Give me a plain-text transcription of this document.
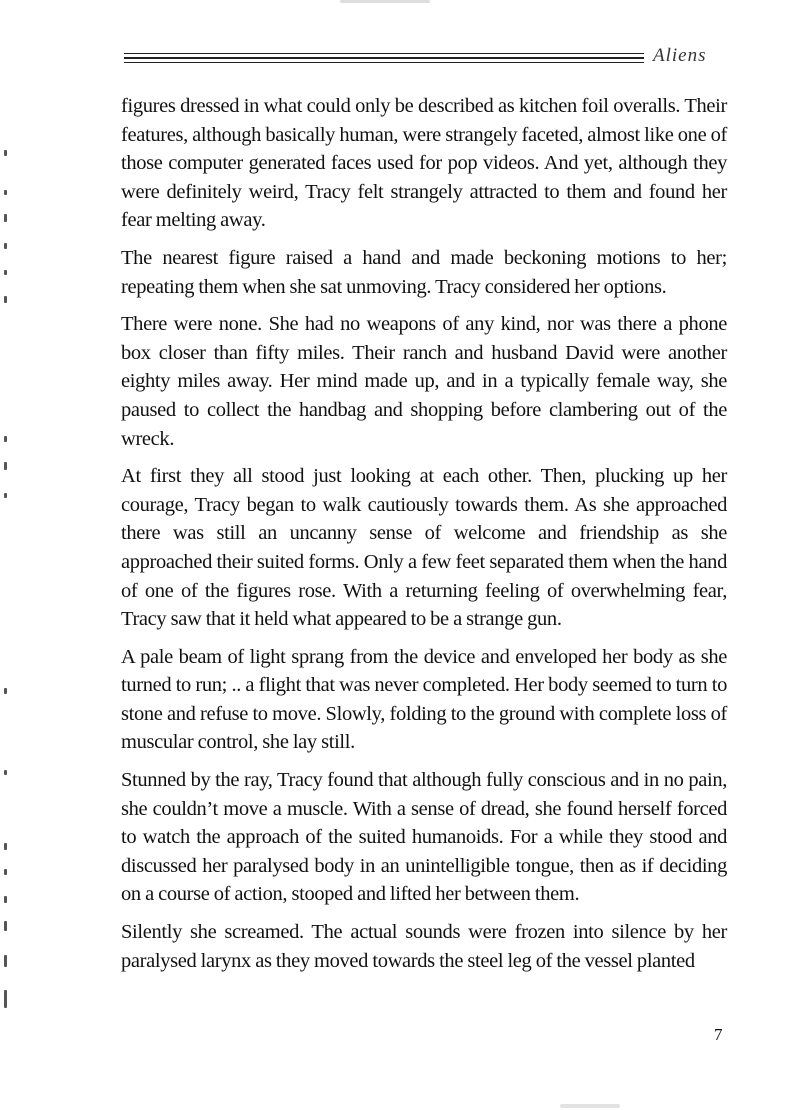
Aliens

figures dressed in what could only be described as kitchen foil overalls. Their features, although basically human, were strangely faceted, almost like one of those computer generated faces used for pop videos. And yet, although they were definitely weird, Tracy felt strangely attracted to them and found her fear melting away.

The nearest figure raised a hand and made beckoning motions to her; repeating them when she sat unmoving. Tracy considered her options.

There were none. She had no weapons of any kind, nor was there a phone box closer than fifty miles. Their ranch and husband David were another eighty miles away. Her mind made up, and in a typically female way, she paused to collect the handbag and shopping before clambering out of the wreck.

At first they all stood just looking at each other. Then, plucking up her courage, Tracy began to walk cautiously towards them. As she approached there was still an uncanny sense of welcome and friendship as she approached their suited forms. Only a few feet separated them when the hand of one of the figures rose. With a returning feeling of overwhelming fear, Tracy saw that it held what appeared to be a strange gun.

A pale beam of light sprang from the device and enveloped her body as she turned to run; .. a flight that was never completed. Her body seemed to turn to stone and refuse to move. Slowly, folding to the ground with complete loss of muscular control, she lay still.

Stunned by the ray, Tracy found that although fully conscious and in no pain, she couldn’t move a muscle. With a sense of dread, she found herself forced to watch the approach of the suited humanoids. For a while they stood and discussed her paralysed body in an unintelligible tongue, then as if deciding on a course of action, stooped and lifted her between them.

Silently she screamed. The actual sounds were frozen into silence by her paralysed larynx as they moved towards the steel leg of the vessel planted

7
